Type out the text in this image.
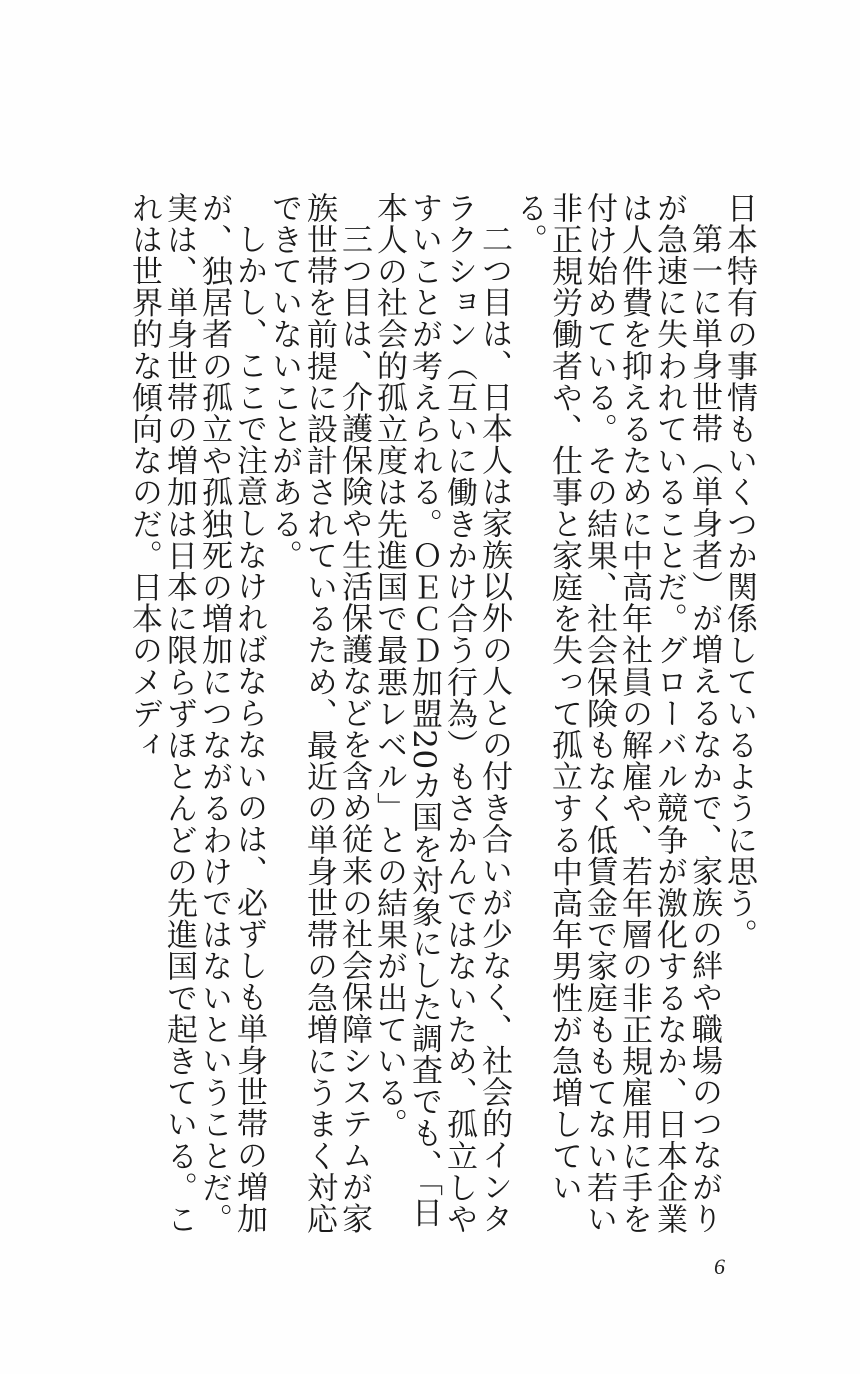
日本特有の事情もいくつか関係しているように思う。

第一に単身世帯（単身者）が増えるなかで、家族の絆や職場のつながりが急速に失われていることだ。グローバル競争が激化するなか、日本企業は人件費を抑えるために中高年社員の解雇や、若年層の非正規雇用に手を付け始めている。その結果、社会保険もなく低賃金で家庭ももてない若い非正規労働者や、仕事と家庭を失って孤立する中高年男性が急増している。

二つ目は、日本人は家族以外の人との付き合いが少なく、社会的インタラクション（互いに働きかけ合う行為）もさかんではないため、孤立しやすいことが考えられる。ＯＥＣＤ加盟20カ国を対象にした調査でも、「日本人の社会的孤立度は先進国で最悪レベル」との結果が出ている。

三つ目は、介護保険や生活保護などを含め従来の社会保障システムが家族世帯を前提に設計されているため、最近の単身世帯の急増にうまく対応できていないことがある。

しかし、ここで注意しなければならないのは、必ずしも単身世帯の増加が、独居者の孤立や孤独死の増加につながるわけではないということだ。実は、単身世帯の増加は日本に限らずほとんどの先進国で起きている。これは世界的な傾向なのだ。日本のメディ

6
